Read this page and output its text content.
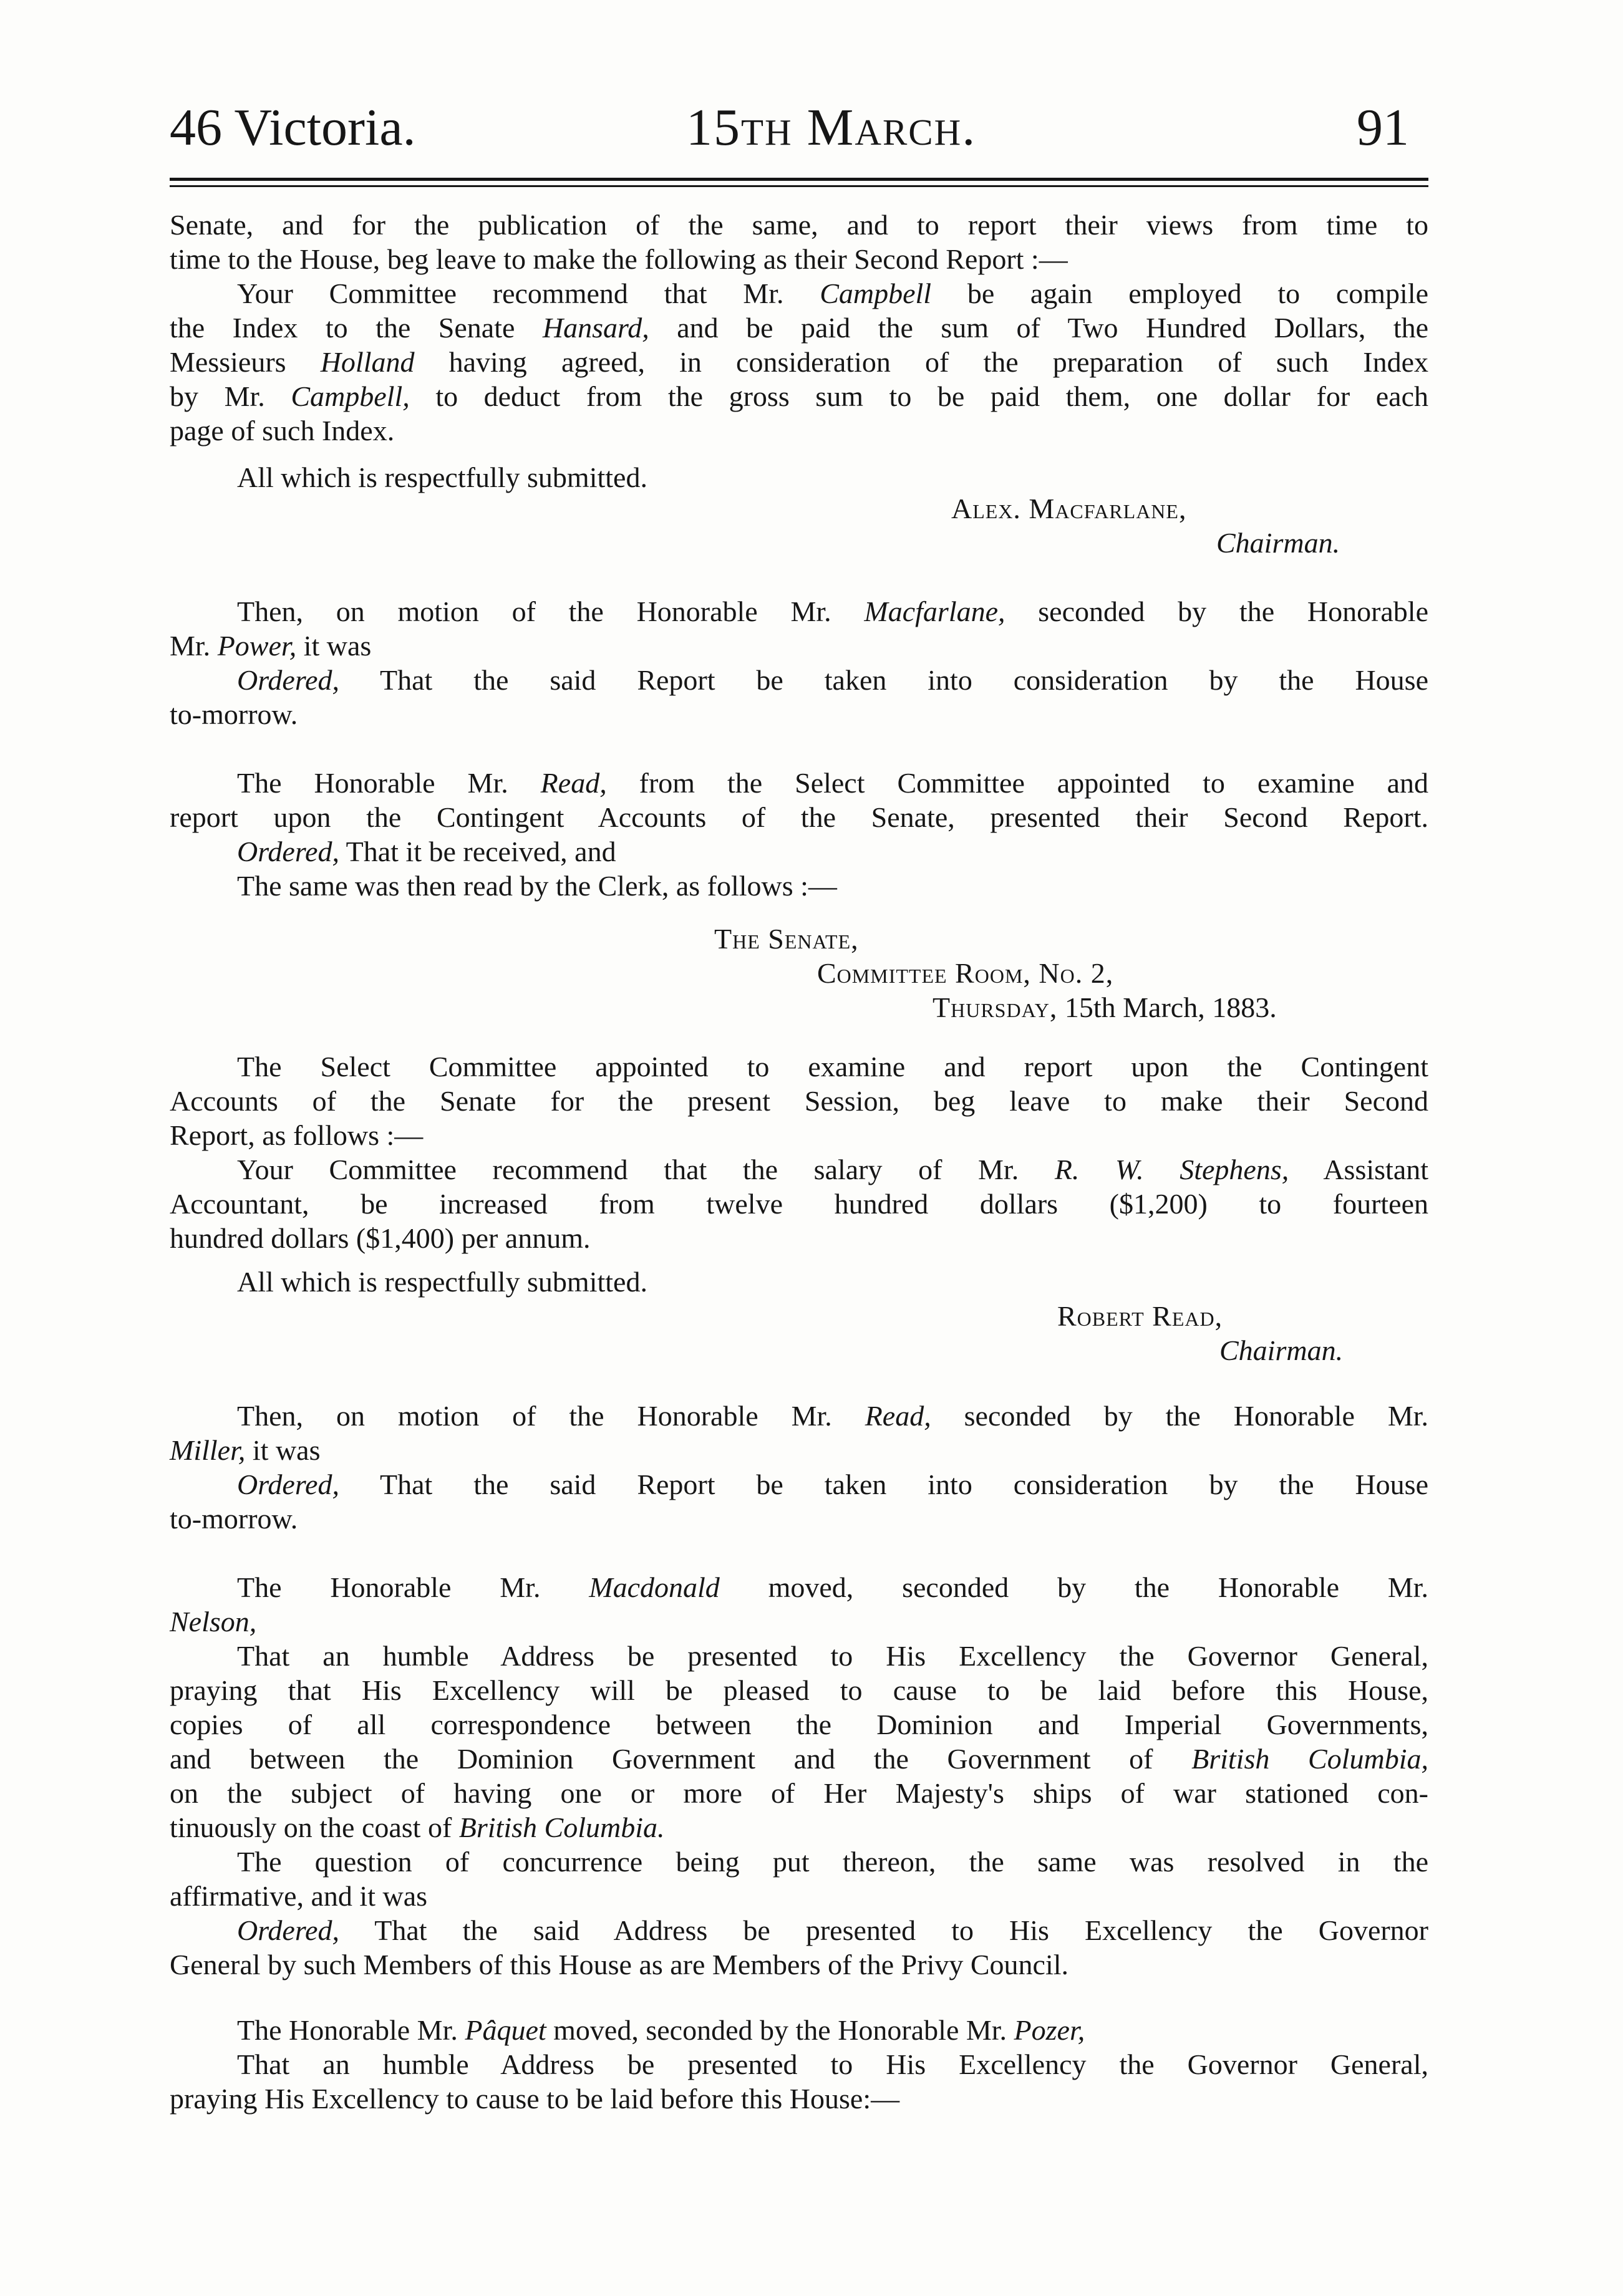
46 Victoria.	15th March.	91

Senate, and for the publication of the same, and to report their views from time to

time to the House, beg leave to make the following as their Second Report :—

Your Committee recommend that Mr. Campbell be again employed to compile

the Index to the Senate Hansard, and be paid the sum of Two Hundred Dollars, the

Messieurs Holland having agreed, in consideration of the preparation of such Index

by Mr. Campbell, to deduct from the gross sum to be paid them, one dollar for each

page of such Index.

All which is respectfully submitted.

Alex. Macfarlane,

Chairman.

Then, on motion of the Honorable Mr. Macfarlane, seconded by the Honorable

Mr. Power, it was

Ordered, That the said Report be taken into consideration by the House

to-morrow.

The Honorable Mr. Read, from the Select Committee appointed to examine and

report upon the Contingent Accounts of the Senate, presented their Second Report.

Ordered, That it be received, and

The same was then read by the Clerk, as follows :—

The Senate,

Committee Room, No. 2,

Thursday, 15th March, 1883.

The Select Committee appointed to examine and report upon the Contingent

Accounts of the Senate for the present Session, beg leave to make their Second

Report, as follows :—

Your Committee recommend that the salary of Mr. R. W. Stephens, Assistant

Accountant, be increased from twelve hundred dollars ($1,200) to fourteen

hundred dollars ($1,400) per annum.

All which is respectfully submitted.

Robert Read,

Chairman.

Then, on motion of the Honorable Mr. Read, seconded by the Honorable Mr.

Miller, it was

Ordered, That the said Report be taken into consideration by the House

to-morrow.

The Honorable Mr. Macdonald moved, seconded by the Honorable Mr.

Nelson,

That an humble Address be presented to His Excellency the Governor General,

praying that His Excellency will be pleased to cause to be laid before this House,

copies of all correspondence between the Dominion and Imperial Governments,

and between the Dominion Government and the Government of British Columbia,

on the subject of having one or more of Her Majesty's ships of war stationed con-

tinuously on the coast of British Columbia.

The question of concurrence being put thereon, the same was resolved in the

affirmative, and it was

Ordered, That the said Address be presented to His Excellency the Governor

General by such Members of this House as are Members of the Privy Council.

The Honorable Mr. Pâquet moved, seconded by the Honorable Mr. Pozer,

That an humble Address be presented to His Excellency the Governor General,

praying His Excellency to cause to be laid before this House:—
